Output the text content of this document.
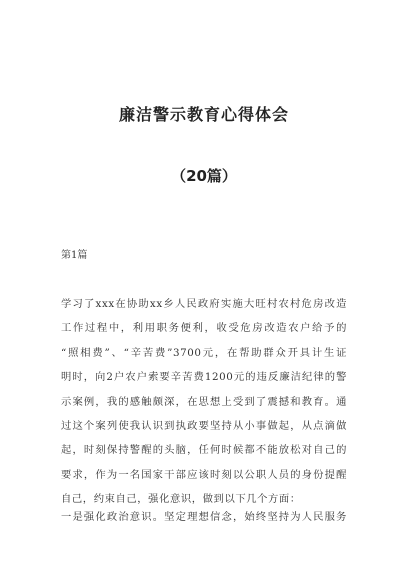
廉洁警示教育心得体会
（20篇）
第1篇
学习了xxx在协助xx乡人民政府实施大旺村农村危房改造
工作过程中，利用职务便利，收受危房改造农户给予的
“照相费”、“辛苦费”3700元，在帮助群众开具计生证
明时，向2户农户索要辛苦费1200元的违反廉洁纪律的警
示案例，我的感触颇深，在思想上受到了震撼和教育。通
过这个案列使我认识到执政要坚持从小事做起，从点滴做
起，时刻保持警醒的头脑，任何时候都不能放松对自己的
要求，作为一名国家干部应该时刻以公职人员的身份提醒
自己，约束自己，强化意识，做到以下几个方面：
一是强化政治意识。坚定理想信念，始终坚持为人民服务
